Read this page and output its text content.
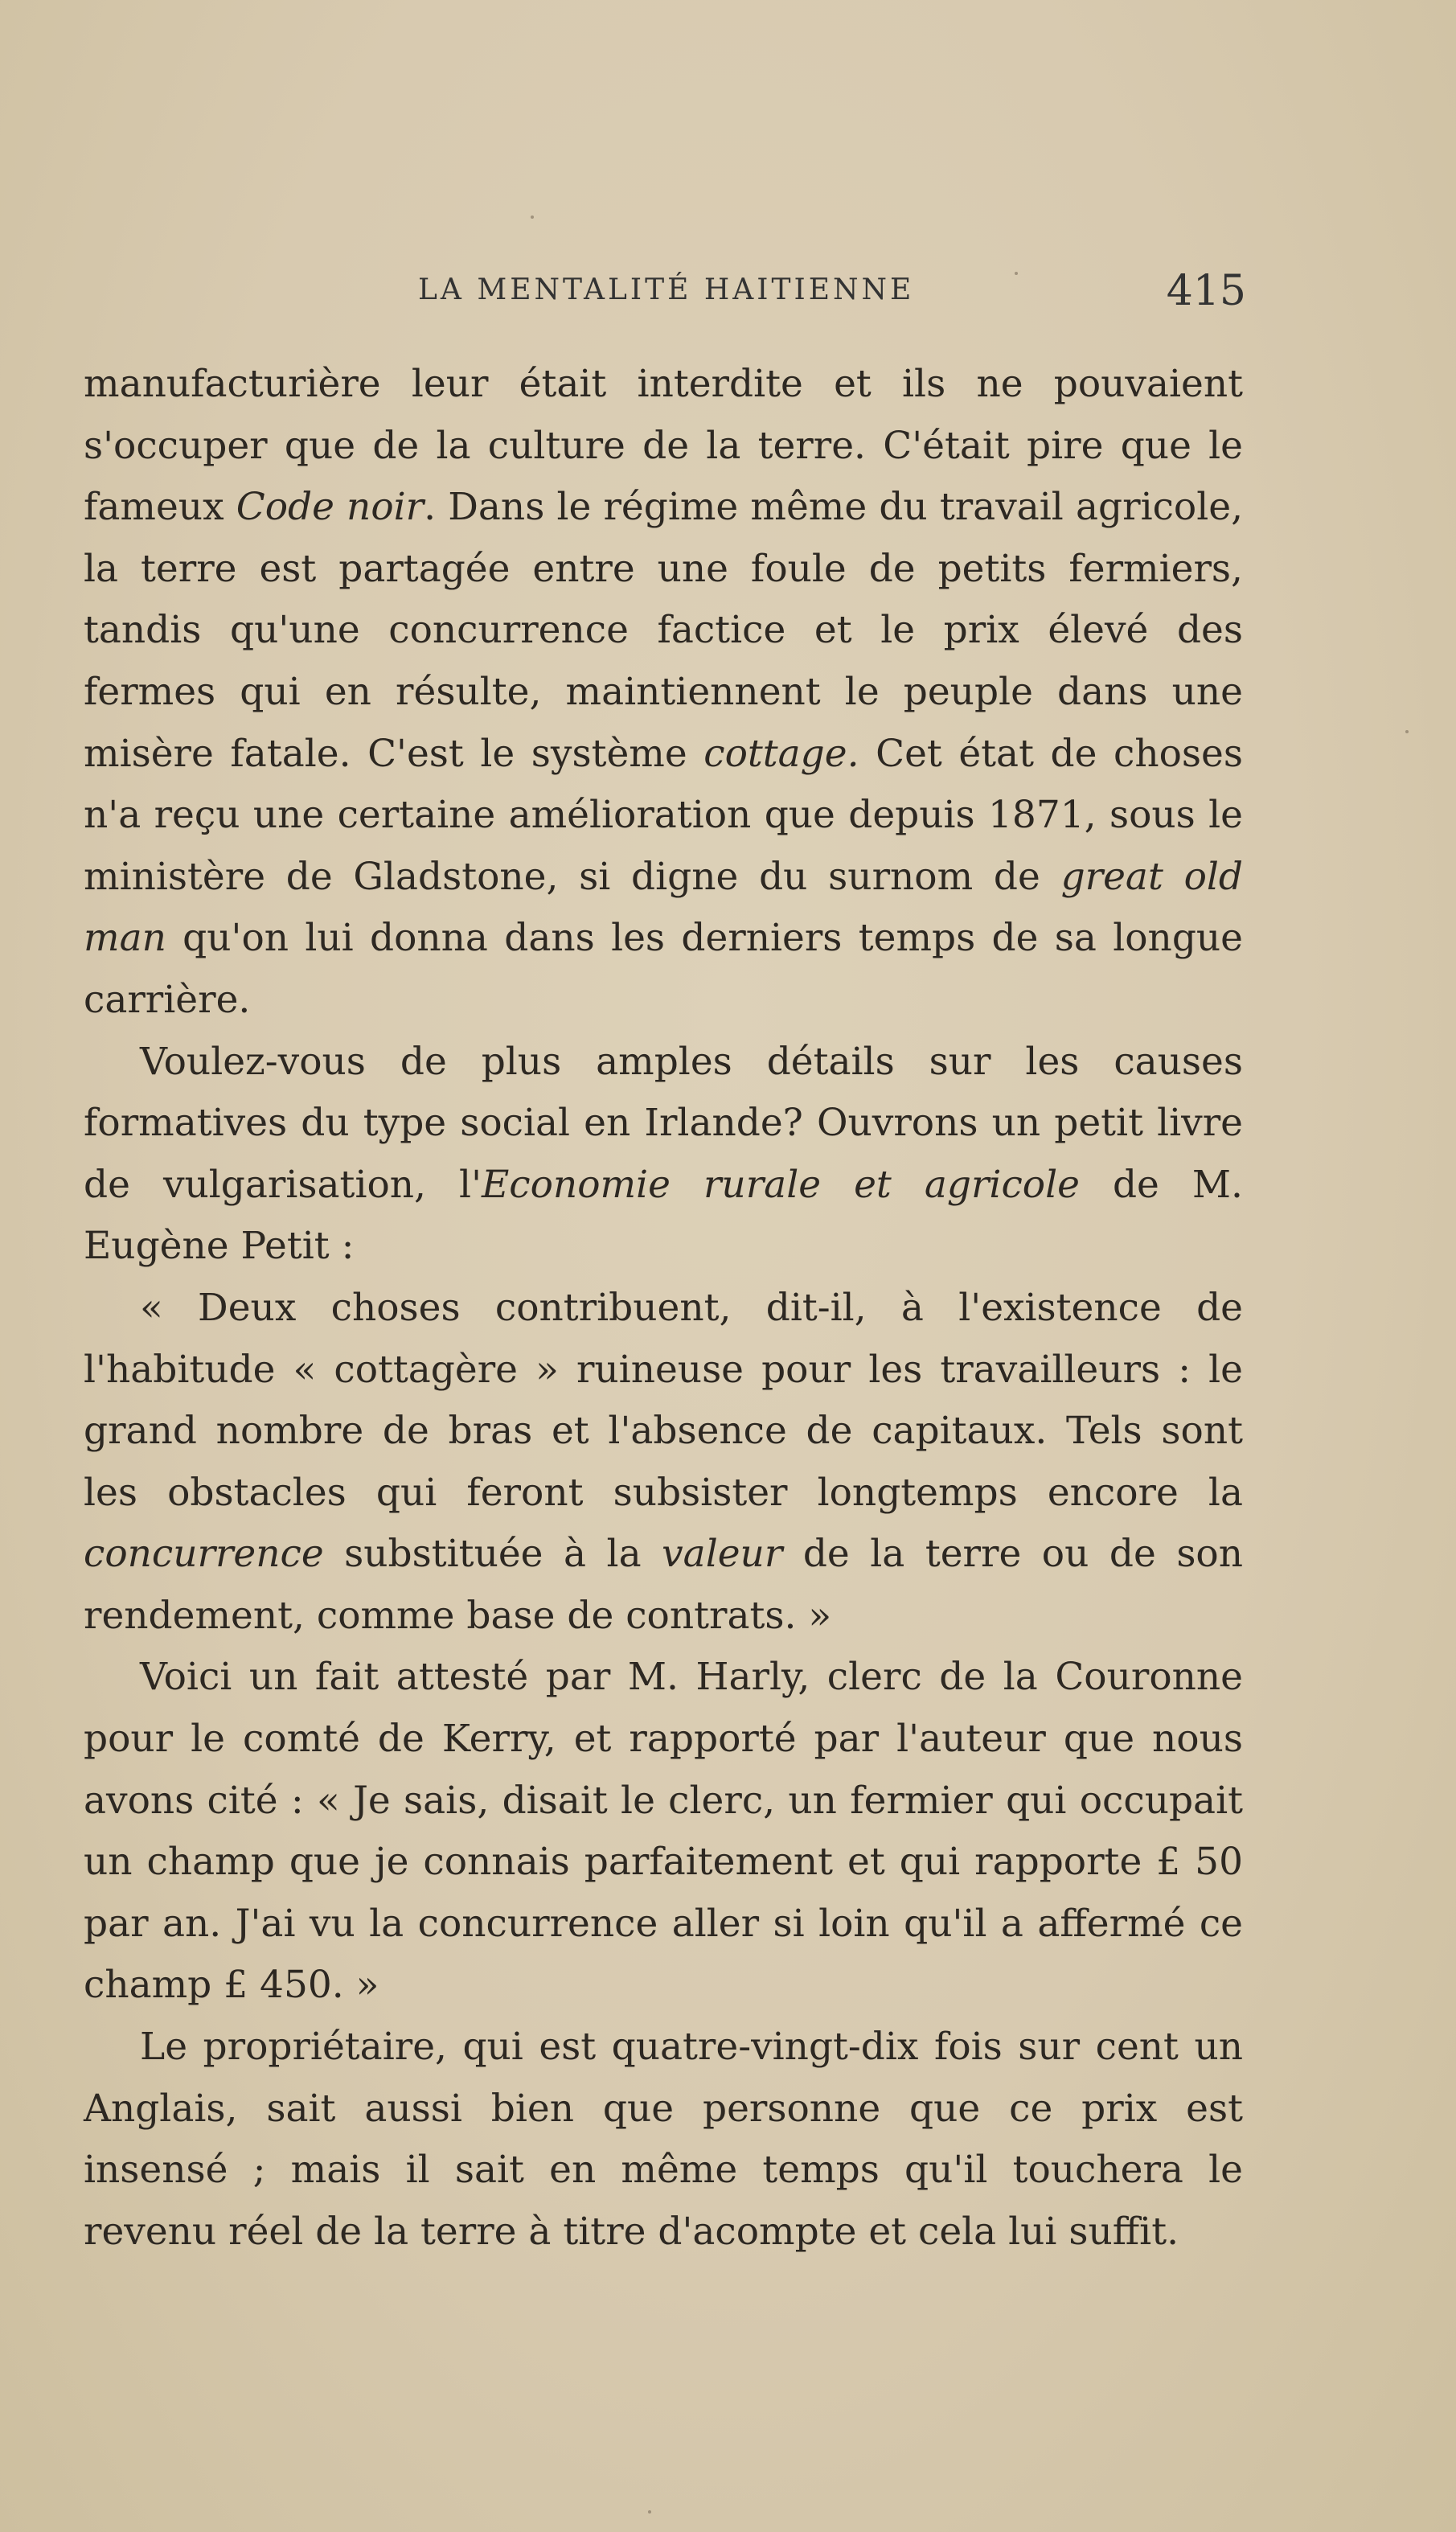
LA MENTALITÉ HAITIENNE	415

manufacturière leur était interdite et ils ne pouvaient s'occuper que de la culture de la terre. C'était pire que le fameux Code noir. Dans le régime même du travail agricole, la terre est partagée entre une foule de petits fermiers, tandis qu'une concurrence factice et le prix élevé des fermes qui en résulte, maintiennent le peuple dans une misère fatale. C'est le système cottage. Cet état de choses n'a reçu une certaine amélioration que depuis 1871, sous le ministère de Gladstone, si digne du surnom de great old man qu'on lui donna dans les derniers temps de sa longue carrière.

Voulez-vous de plus amples détails sur les causes formatives du type social en Irlande? Ouvrons un petit livre de vulgarisation, l'Economie rurale et agricole de M. Eugène Petit :

« Deux choses contribuent, dit-il, à l'existence de l'habitude « cottagère » ruineuse pour les travailleurs : le grand nombre de bras et l'absence de capitaux. Tels sont les obstacles qui feront subsister longtemps encore la concurrence substituée à la valeur de la terre ou de son rendement, comme base de contrats. »

Voici un fait attesté par M. Harly, clerc de la Couronne pour le comté de Kerry, et rapporté par l'auteur que nous avons cité : « Je sais, disait le clerc, un fermier qui occupait un champ que je connais parfaitement et qui rapporte £ 50 par an. J'ai vu la concurrence aller si loin qu'il a affermé ce champ £ 450. »

Le propriétaire, qui est quatre-vingt-dix fois sur cent un Anglais, sait aussi bien que personne que ce prix est insensé ; mais il sait en même temps qu'il touchera le revenu réel de la terre à titre d'acompte et cela lui suffit.
